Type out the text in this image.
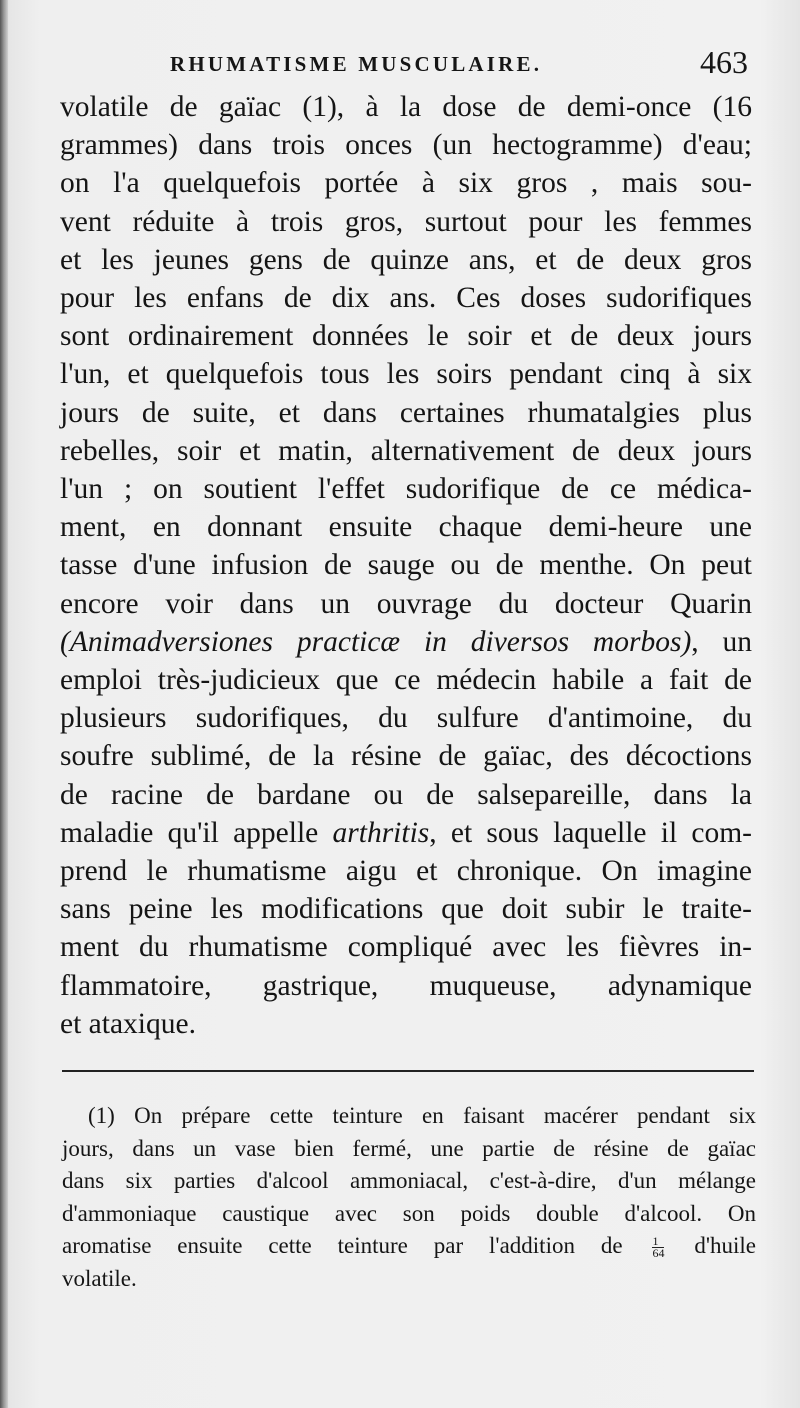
RHUMATISME MUSCULAIRE.	463
volatile de gaïac (1), à la dose de demi-once (16
grammes) dans trois onces (un hectogramme) d'eau;
on l'a quelquefois portée à six gros , mais sou-
vent réduite à trois gros, surtout pour les femmes
et les jeunes gens de quinze ans, et de deux gros
pour les enfans de dix ans. Ces doses sudorifiques
sont ordinairement données le soir et de deux jours
l'un, et quelquefois tous les soirs pendant cinq à six
jours de suite, et dans certaines rhumatalgies plus
rebelles, soir et matin, alternativement de deux jours
l'un ; on soutient l'effet sudorifique de ce médica-
ment, en donnant ensuite chaque demi-heure une
tasse d'une infusion de sauge ou de menthe. On peut
encore voir dans un ouvrage du docteur Quarin
(Animadversiones practicæ in diversos morbos), un
emploi très-judicieux que ce médecin habile a fait de
plusieurs sudorifiques, du sulfure d'antimoine, du
soufre sublimé, de la résine de gaïac, des décoctions
de racine de bardane ou de salsepareille, dans la
maladie qu'il appelle arthritis, et sous laquelle il com-
prend le rhumatisme aigu et chronique. On imagine
sans peine les modifications que doit subir le traite-
ment du rhumatisme compliqué avec les fièvres in-
flammatoire, gastrique, muqueuse, adynamique
et ataxique.
(1) On prépare cette teinture en faisant macérer pendant six
jours, dans un vase bien fermé, une partie de résine de gaïac
dans six parties d'alcool ammoniacal, c'est-à-dire, d'un mélange
d'ammoniaque caustique avec son poids double d'alcool. On
aromatise ensuite cette teinture par l'addition de $\frac{1}{64}$ d'huile
volatile.
